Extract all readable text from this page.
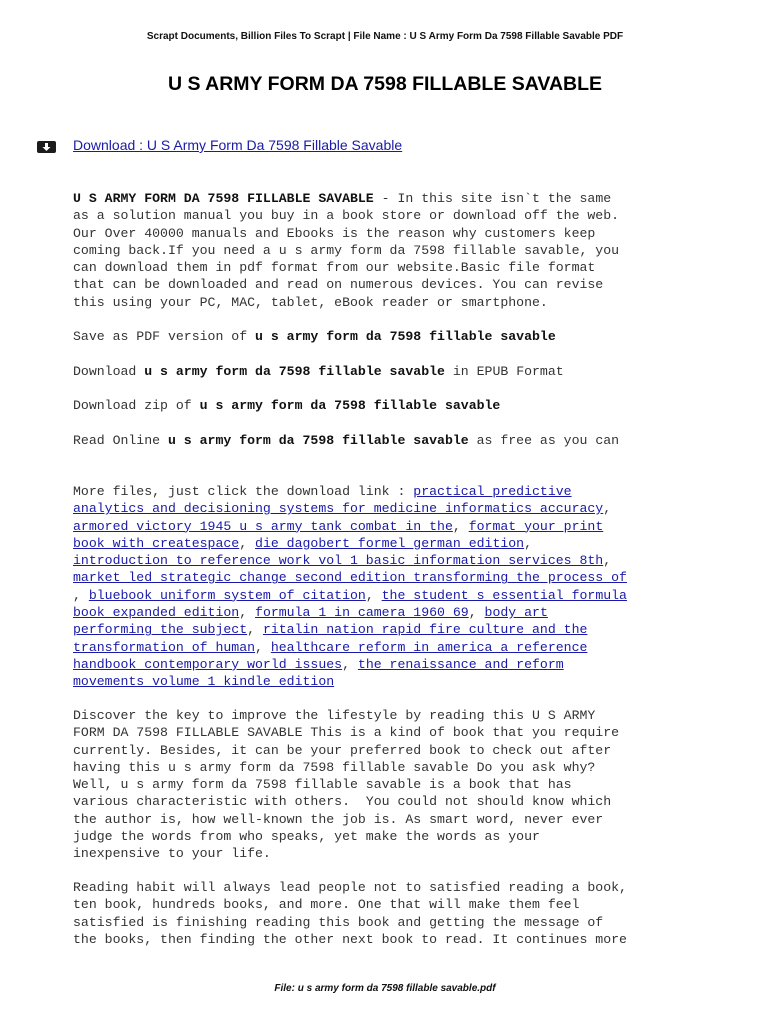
Scrapt Documents, Billion Files To Scrapt | File Name : U S Army Form Da 7598 Fillable Savable PDF
U S ARMY FORM DA 7598 FILLABLE SAVABLE
Download : U S Army Form Da 7598 Fillable Savable
U S ARMY FORM DA 7598 FILLABLE SAVABLE - In this site isn`t the same
as a solution manual you buy in a book store or download off the web.
Our Over 40000 manuals and Ebooks is the reason why customers keep
coming back.If you need a u s army form da 7598 fillable savable, you
can download them in pdf format from our website.Basic file format
that can be downloaded and read on numerous devices. You can revise
this using your PC, MAC, tablet, eBook reader or smartphone.
Save as PDF version of u s army form da 7598 fillable savable
Download u s army form da 7598 fillable savable in EPUB Format
Download zip of u s army form da 7598 fillable savable
Read Online u s army form da 7598 fillable savable as free as you can
More files, just click the download link : practical predictive
analytics and decisioning systems for medicine informatics accuracy,
armored victory 1945 u s army tank combat in the, format your print
book with createspace, die dagobert formel german edition,
introduction to reference work vol 1 basic information services 8th,
market led strategic change second edition transforming the process of
, bluebook uniform system of citation, the student s essential formula
book expanded edition, formula 1 in camera 1960 69, body art
performing the subject, ritalin nation rapid fire culture and the
transformation of human, healthcare reform in america a reference
handbook contemporary world issues, the renaissance and reform
movements volume 1 kindle edition
Discover the key to improve the lifestyle by reading this U S ARMY
FORM DA 7598 FILLABLE SAVABLE This is a kind of book that you require
currently. Besides, it can be your preferred book to check out after
having this u s army form da 7598 fillable savable Do you ask why?
Well, u s army form da 7598 fillable savable is a book that has
various characteristic with others.  You could not should know which
the author is, how well-known the job is. As smart word, never ever
judge the words from who speaks, yet make the words as your
inexpensive to your life.
Reading habit will always lead people not to satisfied reading a book,
ten book, hundreds books, and more. One that will make them feel
satisfied is finishing reading this book and getting the message of
the books, then finding the other next book to read. It continues more
File: u s army form da 7598 fillable savable.pdf
